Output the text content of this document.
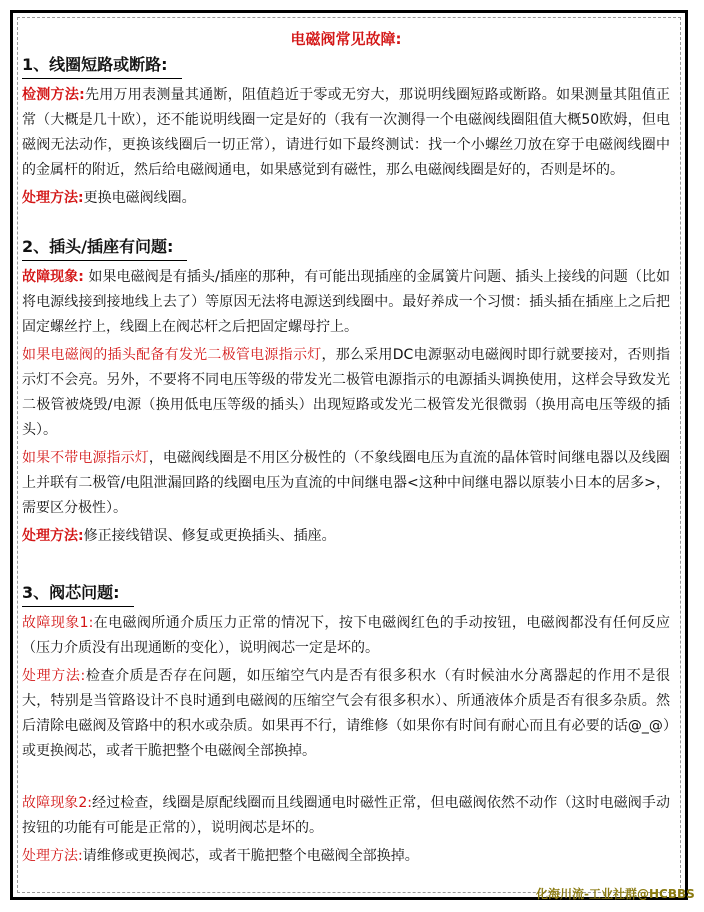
电磁阀常见故障:
1、线圈短路或断路:

检测方法:先用万用表测量其通断，阻值趋近于零或无穷大，那说明线圈短路或断路。如果测量其阻值正常（大概是几十欧），还不能说明线圈一定是好的（我有一次测得一个电磁阀线圈阻值大概50欧姆，但电磁阀无法动作，更换该线圈后一切正常），请进行如下最终测试：找一个小螺丝刀放在穿于电磁阀线圈中的金属杆的附近，然后给电磁阀通电，如果感觉到有磁性，那么电磁阀线圈是好的，否则是坏的。

处理方法:更换电磁阀线圈。

2、插头/插座有问题:

故障现象: 如果电磁阀是有插头/插座的那种，有可能出现插座的金属簧片问题、插头上接线的问题（比如将电源线接到接地线上去了）等原因无法将电源送到线圈中。最好养成一个习惯：插头插在插座上之后把固定螺丝拧上，线圈上在阀芯杆之后把固定螺母拧上。

如果电磁阀的插头配备有发光二极管电源指示灯，那么采用DC电源驱动电磁阀时即行就要接对，否则指示灯不会亮。另外，不要将不同电压等级的带发光二极管电源指示的电源插头调换使用，这样会导致发光二极管被烧毁/电源（换用低电压等级的插头）出现短路或发光二极管发光很微弱（换用高电压等级的插头）。

如果不带电源指示灯，电磁阀线圈是不用区分极性的（不象线圈电压为直流的晶体管时间继电器以及线圈上并联有二极管/电阻泄漏回路的线圈电压为直流的中间继电器<这种中间继电器以原装小日本的居多>，需要区分极性）。

处理方法:修正接线错误、修复或更换插头、插座。

3、阀芯问题:

故障现象1:在电磁阀所通介质压力正常的情况下，按下电磁阀红色的手动按钮，电磁阀都没有任何反应（压力介质没有出现通断的变化），说明阀芯一定是坏的。

处理方法:检查介质是否存在问题，如压缩空气内是否有很多积水（有时候油水分离器起的作用不是很大，特别是当管路设计不良时通到电磁阀的压缩空气会有很多积水）、所通液体介质是否有很多杂质。然后清除电磁阀及管路中的积水或杂质。如果再不行，请维修（如果你有时间有耐心而且有必要的话@_@）或更换阀芯，或者干脆把整个电磁阀全部换掉。

故障现象2:经过检查，线圈是原配线圈而且线圈通电时磁性正常，但电磁阀依然不动作（这时电磁阀手动按钮的功能有可能是正常的），说明阀芯是坏的。

处理方法:请维修或更换阀芯，或者干脆把整个电磁阀全部换掉。

化海川流-工业社群@HCBBS
